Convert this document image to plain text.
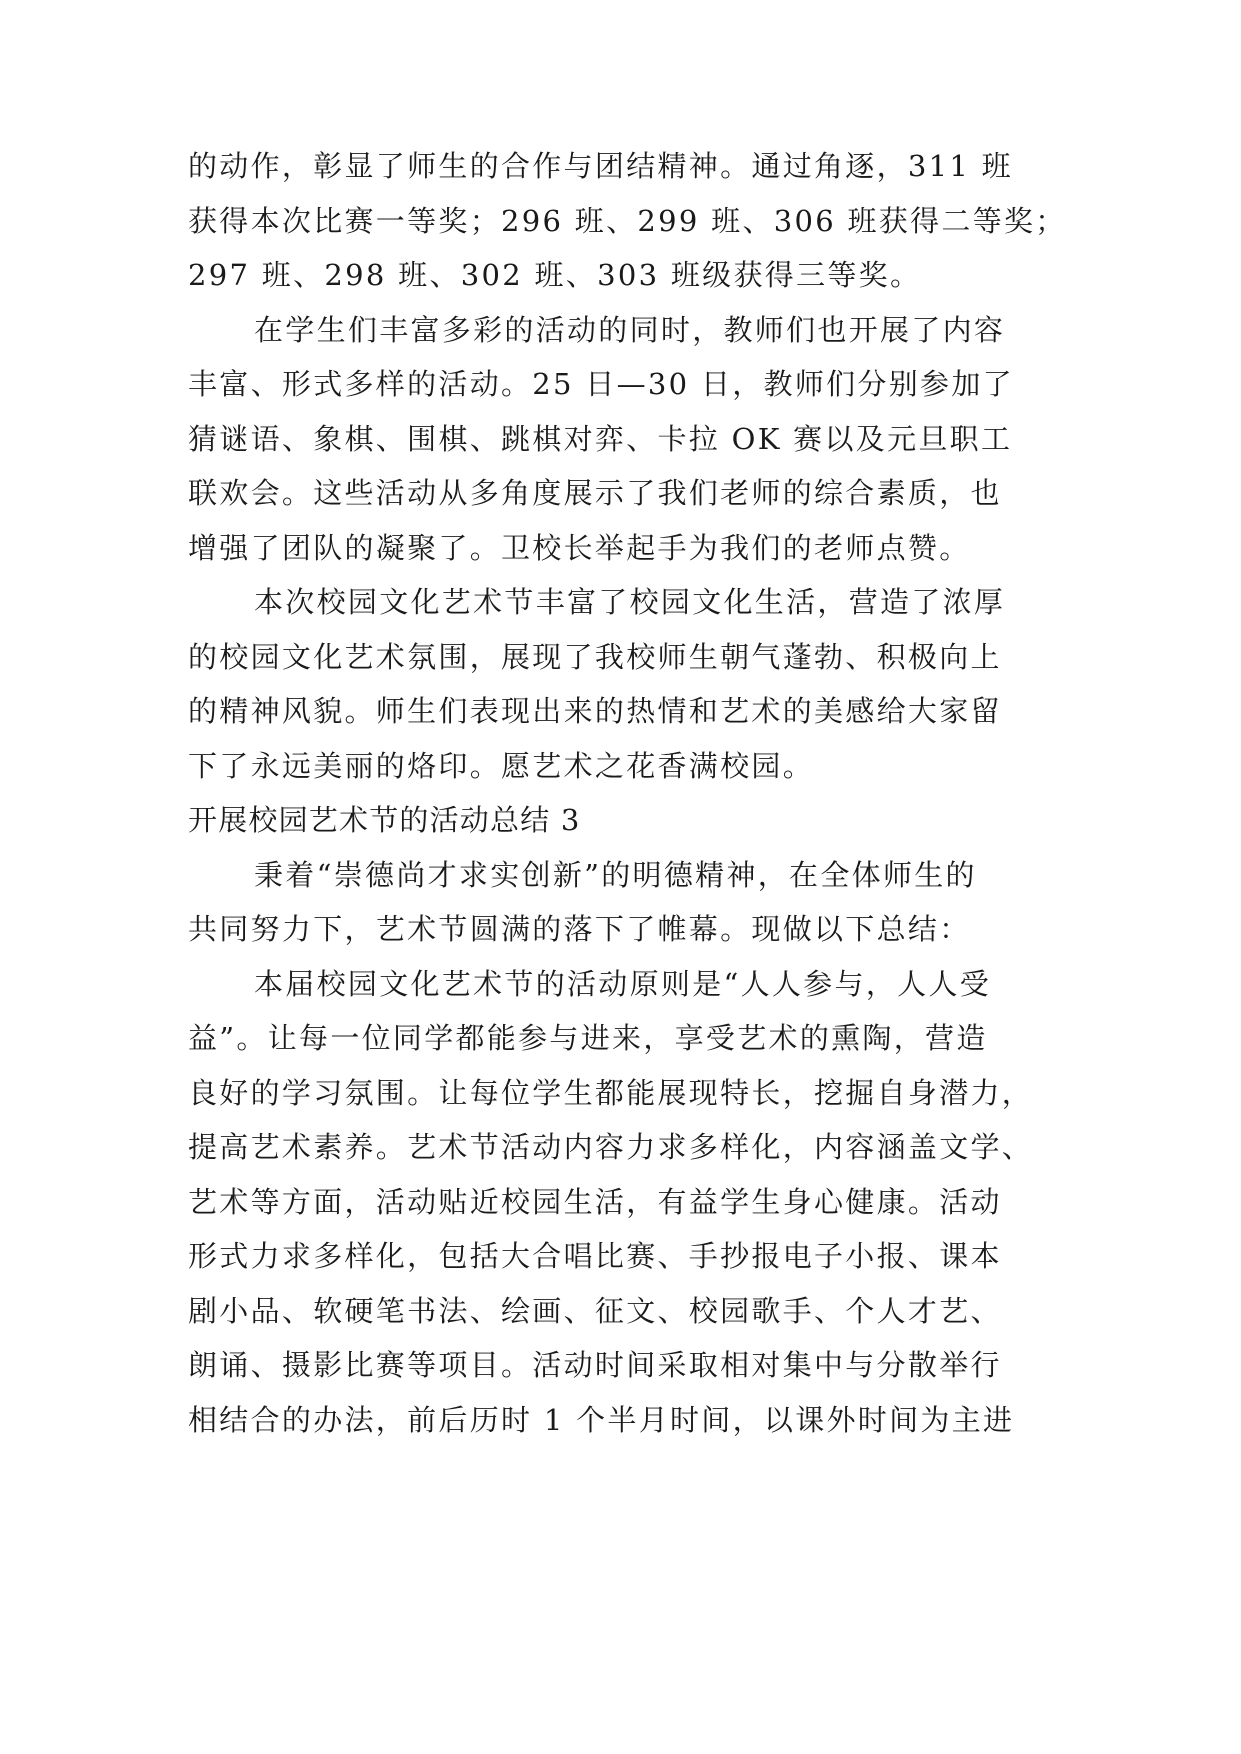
的动作，彰显了师生的合作与团结精神。通过角逐，311 班
获得本次比赛一等奖；296 班、299 班、306 班获得二等奖；
297 班、298 班、302 班、303 班级获得三等奖。
在学生们丰富多彩的活动的同时，教师们也开展了内容
丰富、形式多样的活动。25 日—30 日，教师们分别参加了
猜谜语、象棋、围棋、跳棋对弈、卡拉 OK 赛以及元旦职工
联欢会。这些活动从多角度展示了我们老师的综合素质，也
增强了团队的凝聚了。卫校长举起手为我们的老师点赞。
本次校园文化艺术节丰富了校园文化生活，营造了浓厚
的校园文化艺术氛围，展现了我校师生朝气蓬勃、积极向上
的精神风貌。师生们表现出来的热情和艺术的美感给大家留
下了永远美丽的烙印。愿艺术之花香满校园。
开展校园艺术节的活动总结 3
秉着“崇德尚才求实创新”的明德精神，在全体师生的
共同努力下，艺术节圆满的落下了帷幕。现做以下总结：
本届校园文化艺术节的活动原则是“人人参与，人人受
益”。让每一位同学都能参与进来，享受艺术的熏陶，营造
良好的学习氛围。让每位学生都能展现特长，挖掘自身潜力，
提高艺术素养。艺术节活动内容力求多样化，内容涵盖文学、
艺术等方面，活动贴近校园生活，有益学生身心健康。活动
形式力求多样化，包括大合唱比赛、手抄报电子小报、课本
剧小品、软硬笔书法、绘画、征文、校园歌手、个人才艺、
朗诵、摄影比赛等项目。活动时间采取相对集中与分散举行
相结合的办法，前后历时 1 个半月时间，以课外时间为主进
